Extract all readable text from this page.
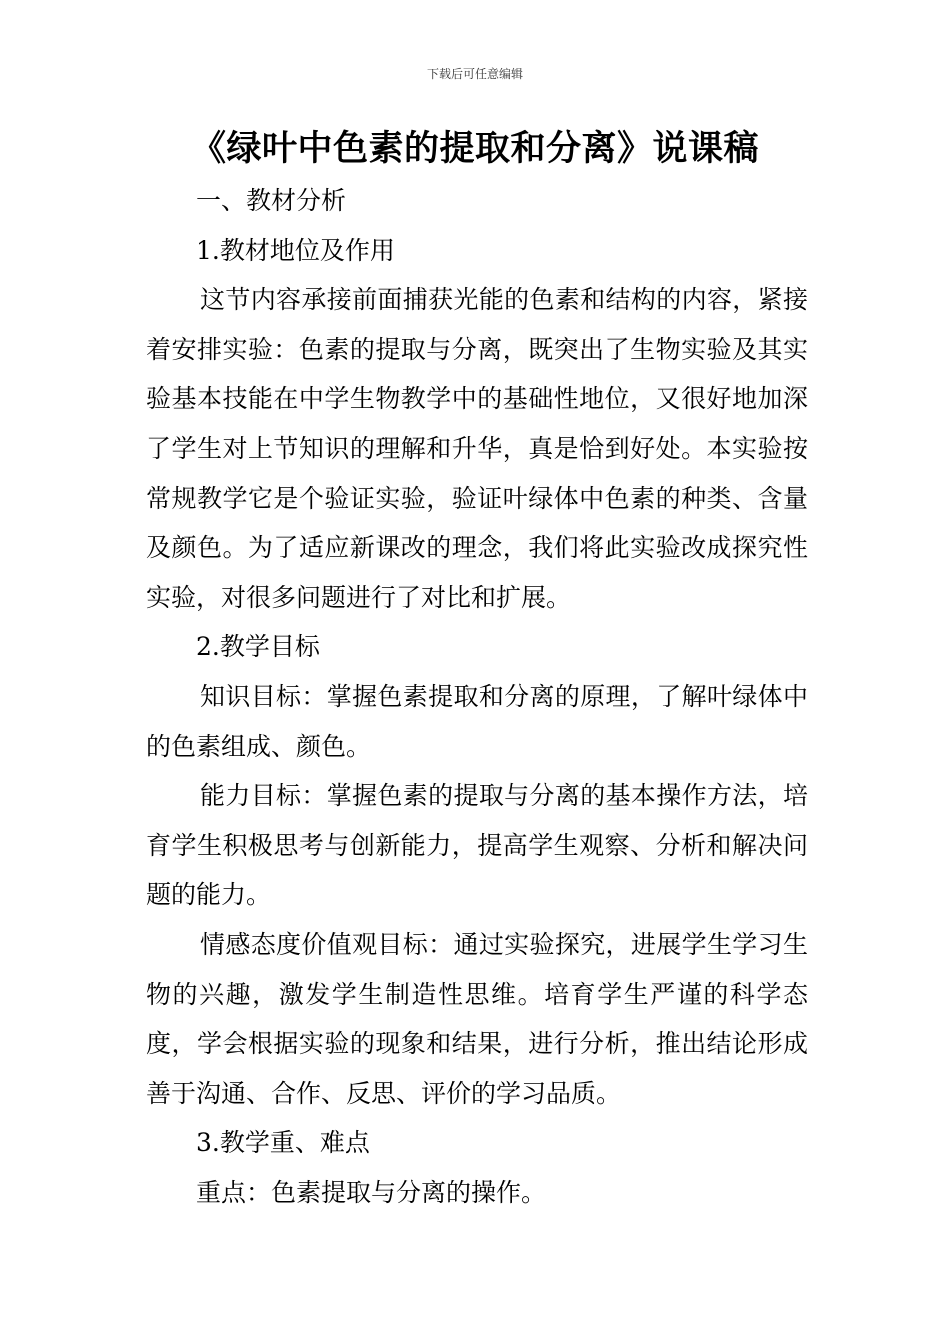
下载后可任意编辑
《绿叶中色素的提取和分离》说课稿

一、教材分析

1.教材地位及作用

这节内容承接前面捕获光能的色素和结构的内容，紧接着安排实验：色素的提取与分离，既突出了生物实验及其实验基本技能在中学生物教学中的基础性地位，又很好地加深了学生对上节知识的理解和升华，真是恰到好处。本实验按常规教学它是个验证实验，验证叶绿体中色素的种类、含量及颜色。为了适应新课改的理念，我们将此实验改成探究性实验，对很多问题进行了对比和扩展。

2.教学目标

知识目标：掌握色素提取和分离的原理，了解叶绿体中的色素组成、颜色。

能力目标：掌握色素的提取与分离的基本操作方法，培育学生积极思考与创新能力，提高学生观察、分析和解决问题的能力。

情感态度价值观目标：通过实验探究，进展学生学习生物的兴趣，激发学生制造性思维。培育学生严谨的科学态度，学会根据实验的现象和结果，进行分析，推出结论形成善于沟通、合作、反思、评价的学习品质。

3.教学重、难点

重点：色素提取与分离的操作。
